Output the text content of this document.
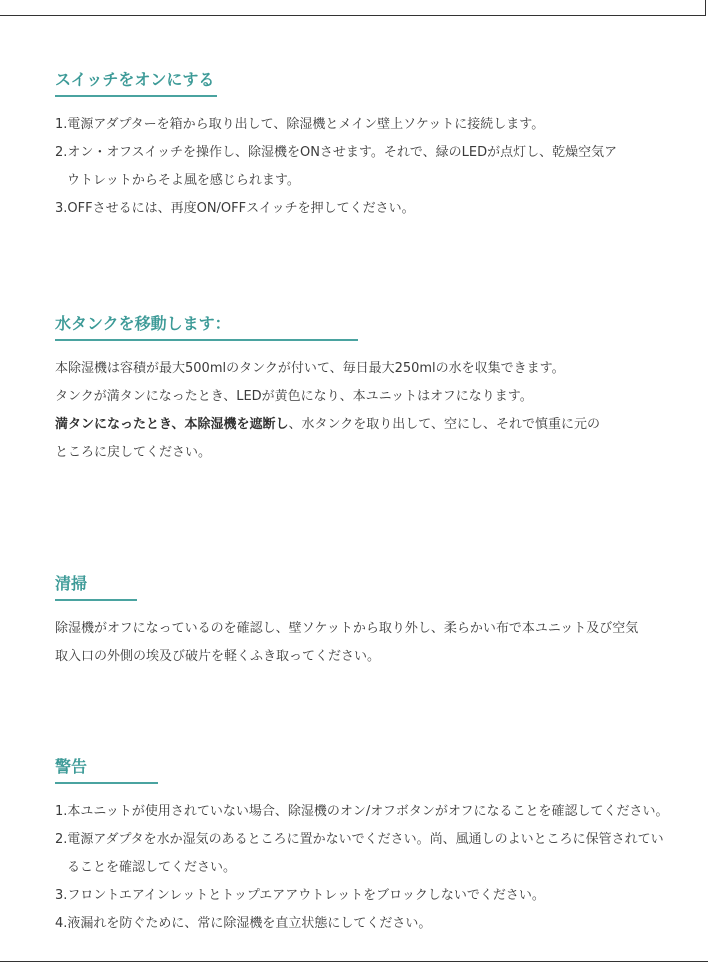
スイッチをオンにする
1.電源アダプターを箱から取り出して、除湿機とメイン壁上ソケットに接続します。
2.オン・オフスイッチを操作し、除湿機をONさせます。それで、緑のLEDが点灯し、乾燥空気ア
ウトレットからそよ風を感じられます。
3.OFFさせるには、再度ON/OFFスイッチを押してください。
水タンクを移動します：
本除湿機は容積が最大500mlのタンクが付いて、毎日最大250mlの水を収集できます。
タンクが満タンになったとき、LEDが黄色になり、本ユニットはオフになります。
満タンになったとき、本除湿機を遮断し、水タンクを取り出して、空にし、それで慎重に元の
ところに戻してください。
清掃
除湿機がオフになっているのを確認し、壁ソケットから取り外し、柔らかい布で本ユニット及び空気
取入口の外側の埃及び破片を軽くふき取ってください。
警告
1.本ユニットが使用されていない場合、除湿機のオン/オフボタンがオフになることを確認してください。
2.電源アダプタを水か湿気のあるところに置かないでください。尚、風通しのよいところに保管されてい
ることを確認してください。
3.フロントエアインレットとトップエアアウトレットをブロックしないでください。
4.液漏れを防ぐために、常に除湿機を直立状態にしてください。
